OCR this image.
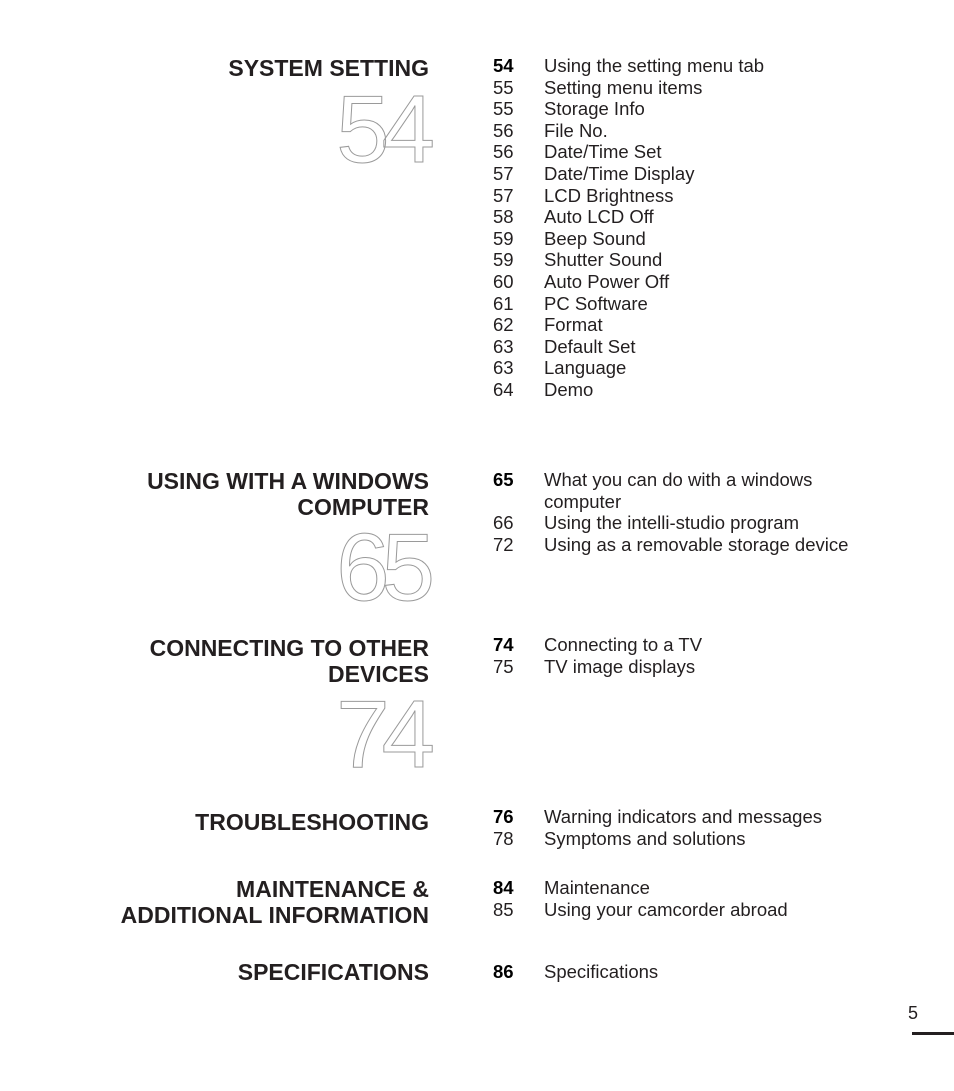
SYSTEM SETTING
54
54	Using the setting menu tab
55	Setting menu items
55	Storage Info
56	File No.
56	Date/Time Set
57	Date/Time Display
57	LCD Brightness
58	Auto LCD Off
59	Beep Sound
59	Shutter Sound
60	Auto Power Off
61	PC Software
62	Format
63	Default Set
63	Language
64	Demo
USING WITH A WINDOWS
COMPUTER
65
65	What you can do with a windows computer
66	Using the intelli-studio program
72	Using as a removable storage device
CONNECTING TO OTHER
DEVICES
74
74	Connecting to a TV
75	TV image displays
TROUBLESHOOTING	76	Warning indicators and messages
78	Symptoms and solutions
MAINTENANCE &
ADDITIONAL INFORMATION
84	Maintenance
85	Using your camcorder abroad
SPECIFICATIONS	86	Specifications
5
